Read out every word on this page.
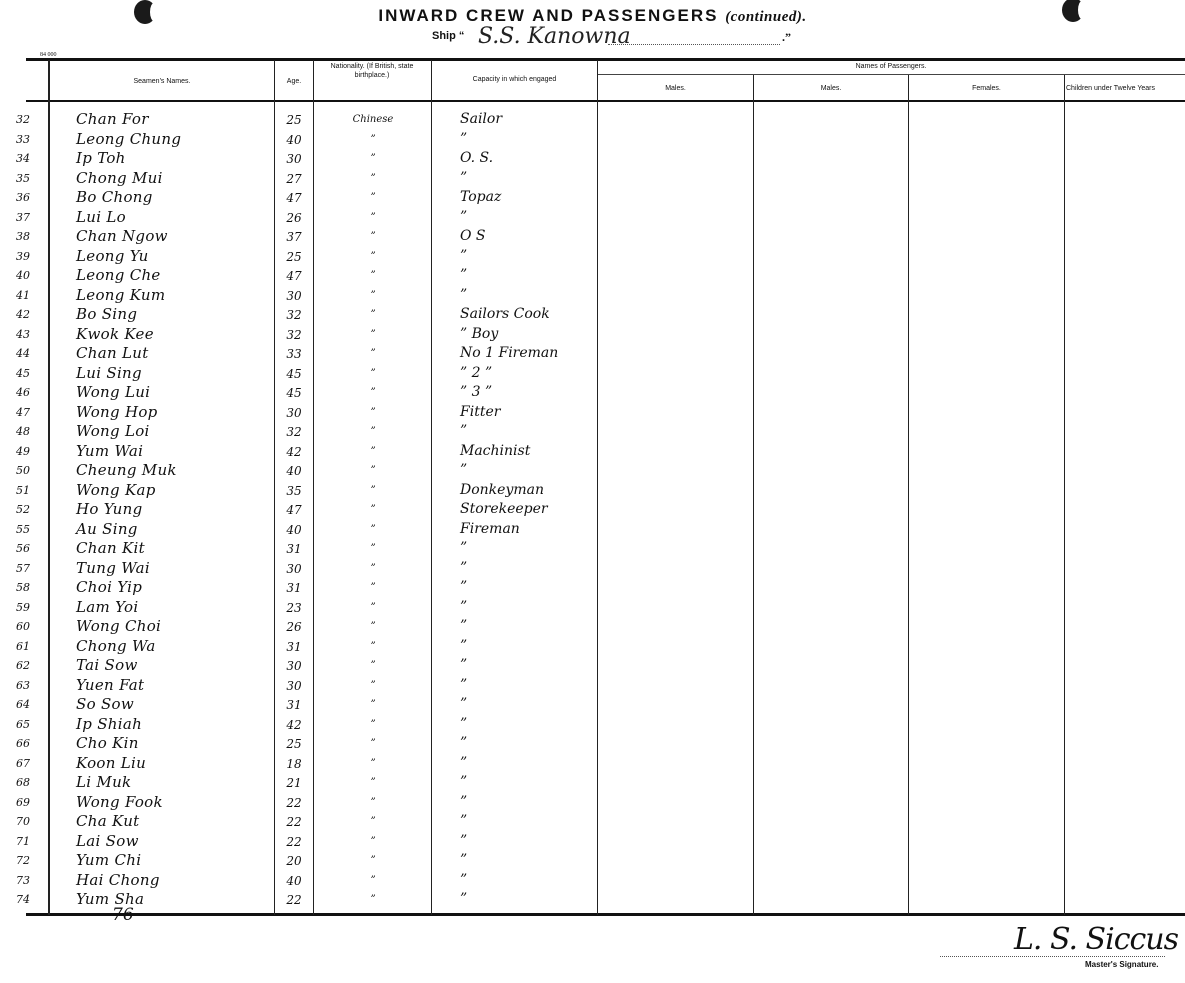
INWARD CREW AND PASSENGERS (continued).
Ship “ S.S. Kanowna	.”
84 000
Seamen's Names.	Age.
Nationality. (If British, state birthplace.)
Capacity in which engaged
Names of Passengers.
Males.	Males.	Females.	Children under Twelve Years
32	Chan For	25	Chinese	Sailor
33	Leong Chung	40	”	”
34	Ip Toh	30	”	O. S.
35	Chong Mui	27	”	”
36	Bo Chong	47	”	Topaz
37	Lui Lo	26	”	”
38	Chan Ngow	37	”	O S
39	Leong Yu	25	”	”
40	Leong Che	47	”	”
41	Leong Kum	30	”	”
42	Bo Sing	32	”	Sailors Cook
43	Kwok Kee	32	”	” Boy
44	Chan Lut	33	”	No 1 Fireman
45	Lui Sing	45	”	” 2 ”
46	Wong Lui	45	”	” 3 ”
47	Wong Hop	30	”	Fitter
48	Wong Loi	32	”	”
49	Yum Wai	42	”	Machinist
50	Cheung Muk	40	”	”
51	Wong Kap	35	”	Donkeyman
52	Ho Yung	47	”	Storekeeper
55	Au Sing	40	”	Fireman
56	Chan Kit	31	”	”
57	Tung Wai	30	”	”
58	Choi Yip	31	”	”
59	Lam Yoi	23	”	”
60	Wong Choi	26	”	”
61	Chong Wa	31	”	”
62	Tai Sow	30	”	”
63	Yuen Fat	30	”	”
64	So Sow	31	”	”
65	Ip Shiah	42	”	”
66	Cho Kin	25	”	”
67	Koon Liu	18	”	”
68	Li Muk	21	”	”
69	Wong Fook	22	”	”
70	Cha Kut	22	”	”
71	Lai Sow	22	”	”
72	Yum Chi	20	”	”
73	Hai Chong	40	”	”
74	Yum Sha	22	”	”
76
L. S. Siccus
Master's Signature.
